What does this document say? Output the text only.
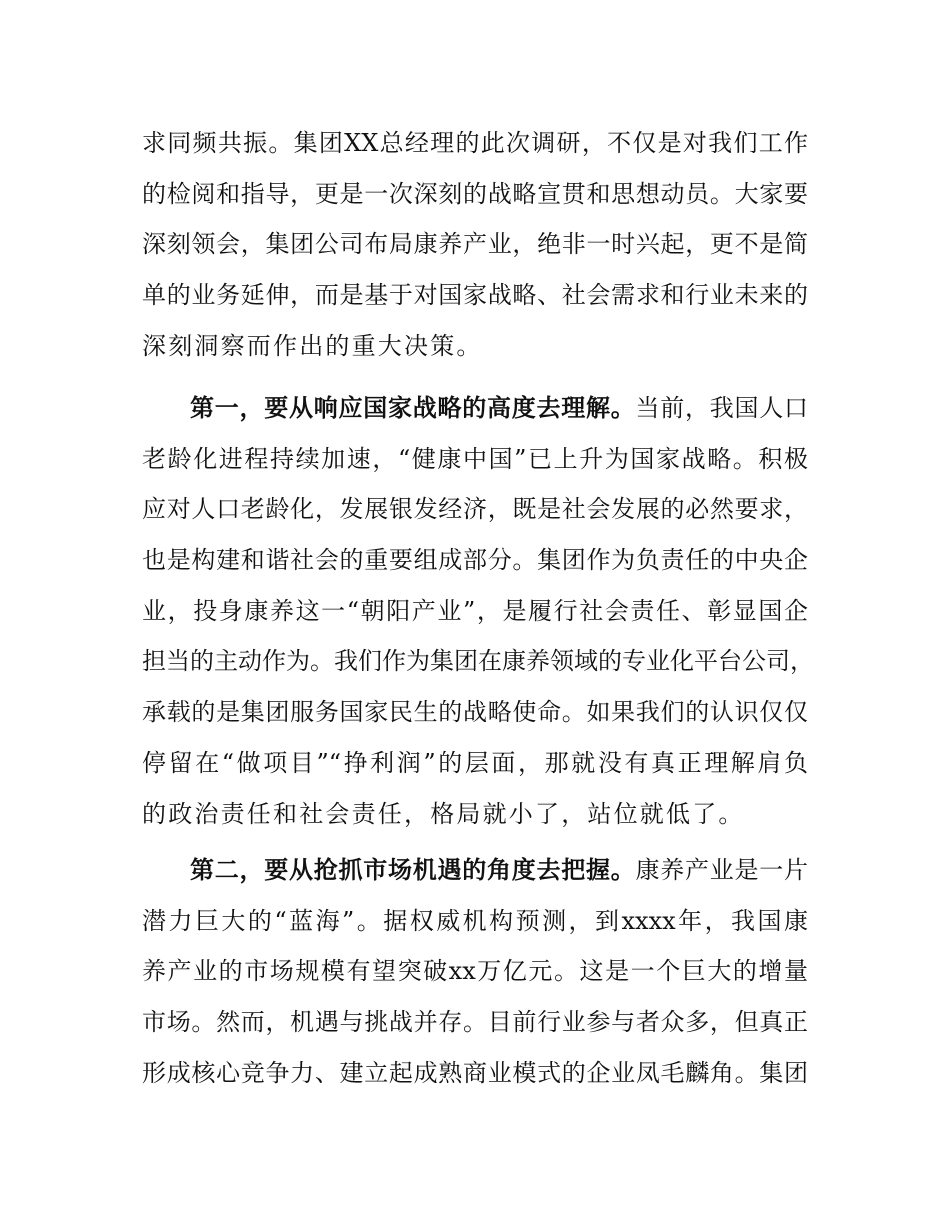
求同频共振。集团XX总经理的此次调研，不仅是对我们工作
的检阅和指导，更是一次深刻的战略宣贯和思想动员。大家要
深刻领会，集团公司布局康养产业，绝非一时兴起，更不是简
单的业务延伸，而是基于对国家战略、社会需求和行业未来的
深刻洞察而作出的重大决策。
第一，要从响应国家战略的高度去理解。当前，我国人口
老龄化进程持续加速，“健康中国”已上升为国家战略。积极
应对人口老龄化，发展银发经济，既是社会发展的必然要求，
也是构建和谐社会的重要组成部分。集团作为负责任的中央企
业，投身康养这一“朝阳产业”，是履行社会责任、彰显国企
担当的主动作为。我们作为集团在康养领域的专业化平台公司，
承载的是集团服务国家民生的战略使命。如果我们的认识仅仅
停留在“做项目”“挣利润”的层面，那就没有真正理解肩负
的政治责任和社会责任，格局就小了，站位就低了。
第二，要从抢抓市场机遇的角度去把握。康养产业是一片
潜力巨大的“蓝海”。据权威机构预测，到xxxx年，我国康
养产业的市场规模有望突破xx万亿元。这是一个巨大的增量
市场。然而，机遇与挑战并存。目前行业参与者众多，但真正
形成核心竞争力、建立起成熟商业模式的企业凤毛麟角。集团
